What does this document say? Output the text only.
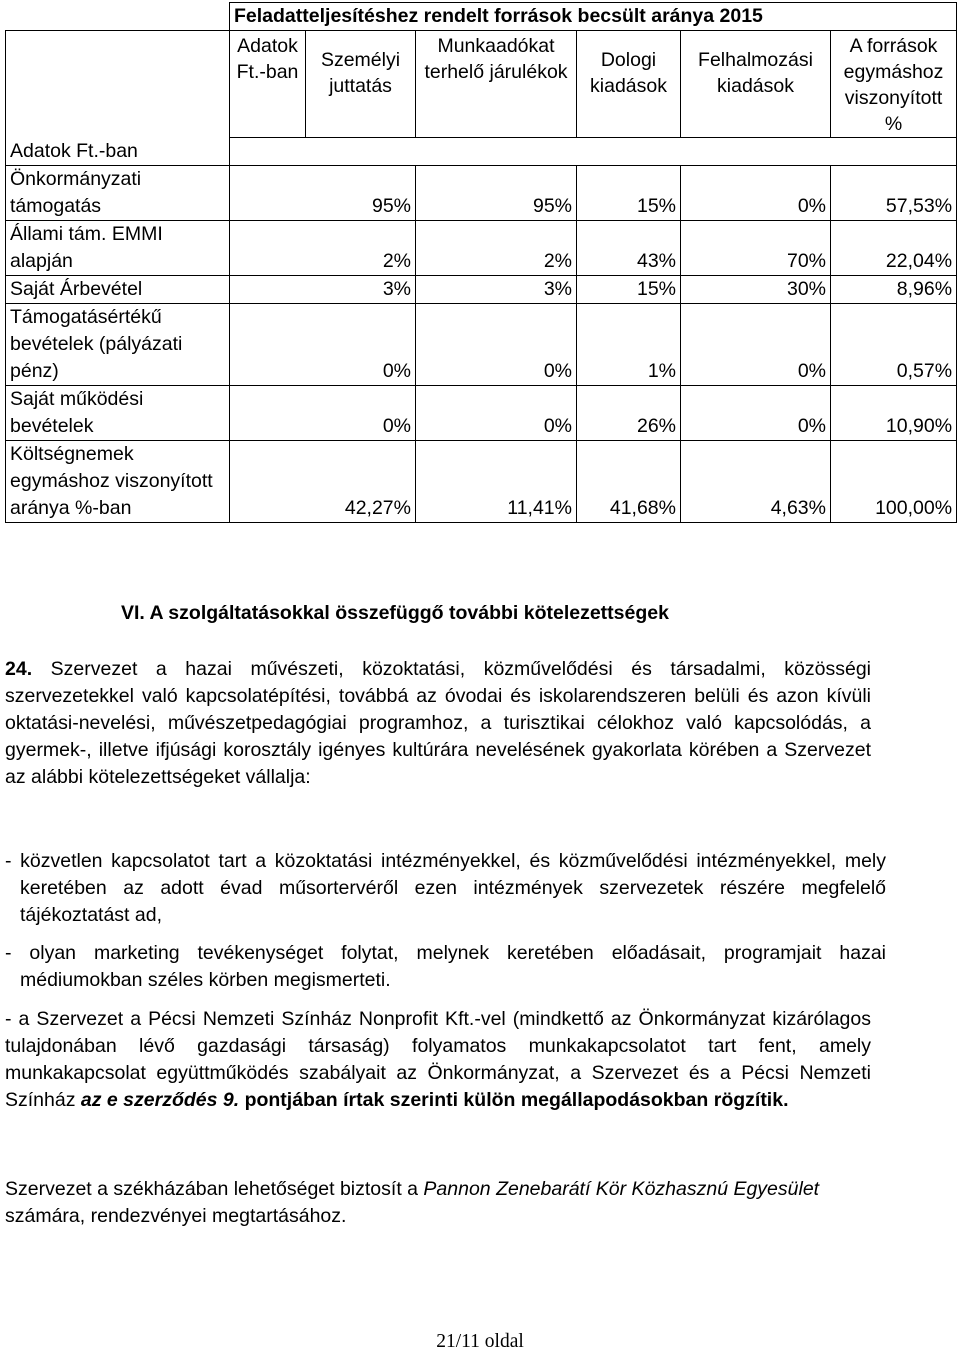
	Feladatteljesítéshez rendelt források becsült aránya 2015					
	Adatok Ft.-ban	Személyi juttatás	Munkaadókat terhelő járulékok	Dologi kiadások	Felhalmozási kiadások	A források egymáshoz viszonyított %
Adatok Ft.-ban						
Önkormányzati támogatás	95%		95%	15%	0%	57,53%
Állami tám. EMMI alapján	2%		2%	43%	70%	22,04%
Saját Árbevétel	3%		3%	15%	30%	8,96%
Támogatásértékű bevételek (pályázati pénz)	0%		0%	1%	0%	0,57%
Saját működési bevételek	0%		0%	26%	0%	10,90%
Költségnemek egymáshoz viszonyított aránya %-ban	42,27%		11,41%	41,68%	4,63%	100,00%
VI. A szolgáltatásokkal összefüggő további kötelezettségek
24. Szervezet a hazai művészeti, közoktatási, közművelődési és társadalmi, közösségi szervezetekkel való kapcsolatépítési, továbbá az óvodai és iskolarendszeren belüli és azon kívüli oktatási-nevelési, művészetpedagógiai programhoz, a turisztikai célokhoz való kapcsolódás, a gyermek-, illetve ifjúsági korosztály igényes kultúrára nevelésének gyakorlata körében a Szervezet az alábbi kötelezettségeket vállalja:
- közvetlen kapcsolatot tart a közoktatási intézményekkel, és közművelődési intézményekkel, mely keretében az adott évad műsortervéről ezen intézmények szervezetek részére megfelelő tájékoztatást ad,
- olyan marketing tevékenységet folytat, melynek keretében előadásait, programjait hazai médiumokban széles körben megismerteti.
- a Szervezet a Pécsi Nemzeti Színház Nonprofit Kft.-vel (mindkettő az Önkormányzat kizárólagos tulajdonában lévő gazdasági társaság) folyamatos munkakapcsolatot tart fent, amely munkakapcsolat együttműködés szabályait az Önkormányzat, a Szervezet és a Pécsi Nemzeti Színház az e szerződés 9. pontjában írtak szerinti külön megállapodásokban rögzítik.
Szervezet a székházában lehetőséget biztosít a Pannon Zenebarátí Kör Közhasznú Egyesület számára, rendezvényei megtartásához.
21/11 oldal
